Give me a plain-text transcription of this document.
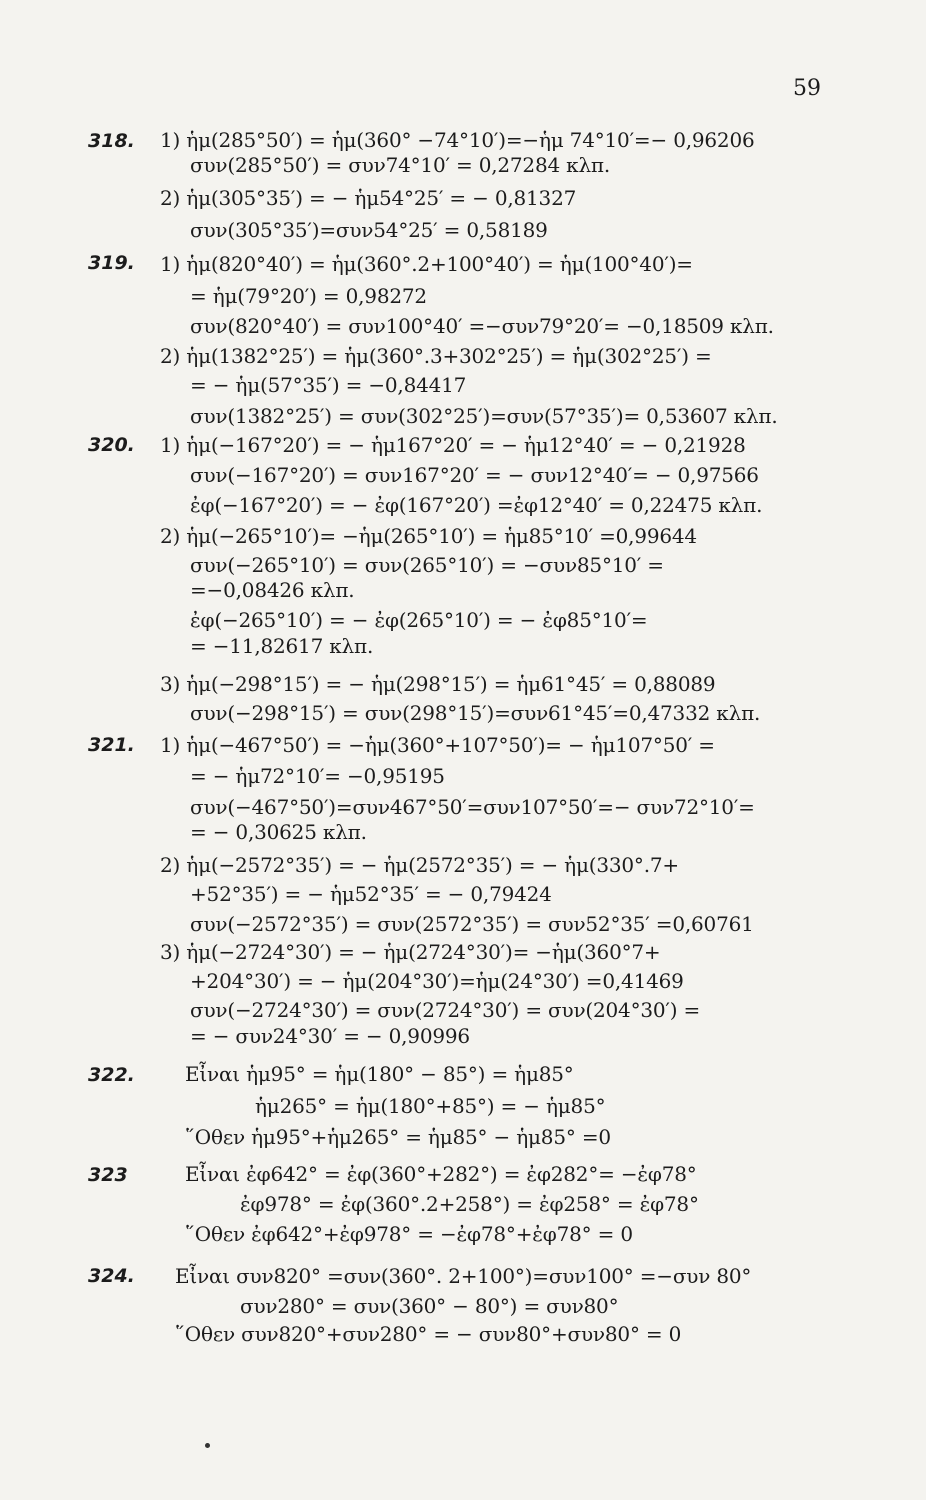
59
318. 1) ἡμ(285°50′) = ἡμ(360° −74°10′)=−ἡμ 74°10′=− 0,96206
συν(285°50′) = συν74°10′ = 0,27284 κλπ.
2) ἡμ(305°35′) = − ἡμ54°25′ = − 0,81327
συν(305°35′)=συν54°25′ = 0,58189
319. 1) ἡμ(820°40′) = ἡμ(360°.2+100°40′) = ἡμ(100°40′)=
= ἡμ(79°20′) = 0,98272
συν(820°40′) = συν100°40′ =−συν79°20′= −0,18509 κλπ.
2) ἡμ(1382°25′) = ἡμ(360°.3+302°25′) = ἡμ(302°25′) =
= − ἡμ(57°35′) = −0,84417
συν(1382°25′) = συν(302°25′)=συν(57°35′)= 0,53607 κλπ.
320. 1) ἡμ(−167°20′) = − ἡμ167°20′ = − ἡμ12°40′ = − 0,21928
συν(−167°20′) = συν167°20′ = − συν12°40′= − 0,97566
ἐφ(−167°20′) = − ἐφ(167°20′) =ἐφ12°40′ = 0,22475 κλπ.
2) ἡμ(−265°10′)= −ἡμ(265°10′) = ἡμ85°10′ =0,99644
συν(−265°10′) = συν(265°10′) = −συν85°10′ =
=−0,08426 κλπ.
ἐφ(−265°10′) = − ἐφ(265°10′) = − ἐφ85°10′=
= −11,82617 κλπ.
3) ἡμ(−298°15′) = − ἡμ(298°15′) = ἡμ61°45′ = 0,88089
συν(−298°15′) = συν(298°15′)=συν61°45′=0,47332 κλπ.
321. 1) ἡμ(−467°50′) = −ἡμ(360°+107°50′)= − ἡμ107°50′ =
= − ἡμ72°10′= −0,95195
συν(−467°50′)=συν467°50′=συν107°50′=− συν72°10′=
= − 0,30625 κλπ.
2) ἡμ(−2572°35′) = − ἡμ(2572°35′) = − ἡμ(330°.7+
+52°35′) = − ἡμ52°35′ = − 0,79424
συν(−2572°35′) = συν(2572°35′) = συν52°35′ =0,60761
3) ἡμ(−2724°30′) = − ἡμ(2724°30′)= −ἡμ(360°7+
+204°30′) = − ἡμ(204°30′)=ἡμ(24°30′) =0,41469
συν(−2724°30′) = συν(2724°30′) = συν(204°30′) =
= − συν24°30′ = − 0,90996
322.	Εἶναι ἡμ95° = ἡμ(180° − 85°) = ἡμ85°
ἡμ265° = ἡμ(180°+85°) = − ἡμ85°
῞Οθεν ἡμ95°+ἡμ265° = ἡμ85° − ἡμ85° =0
323	Εἶναι ἐφ642° = ἐφ(360°+282°) = ἐφ282°= −ἐφ78°
ἐφ978° = ἐφ(360°.2+258°) = ἐφ258° = ἐφ78°
῞Οθεν ἐφ642°+ἐφ978° = −ἐφ78°+ἐφ78° = 0
324. Εἶναι συν820° =συν(360°. 2+100°)=συν100° =−συν 80°
συν280° = συν(360° − 80°) = συν80°
῞Οθεν συν820°+συν280° = − συν80°+συν80° = 0
